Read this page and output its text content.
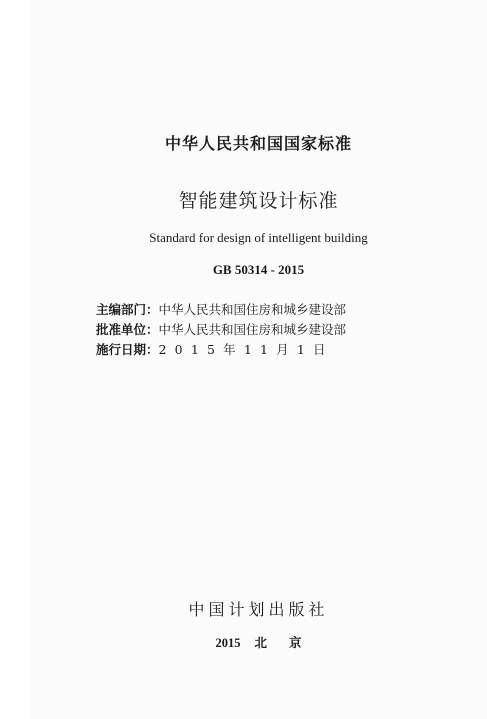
中华人民共和国国家标准
智能建筑设计标准
Standard for design of intelligent building
GB 50314 - 2015
主编部门：中华人民共和国住房和城乡建设部
批准单位：中华人民共和国住房和城乡建设部
施行日期：2015年11月1日
中国计划出版社
2015 北 京
